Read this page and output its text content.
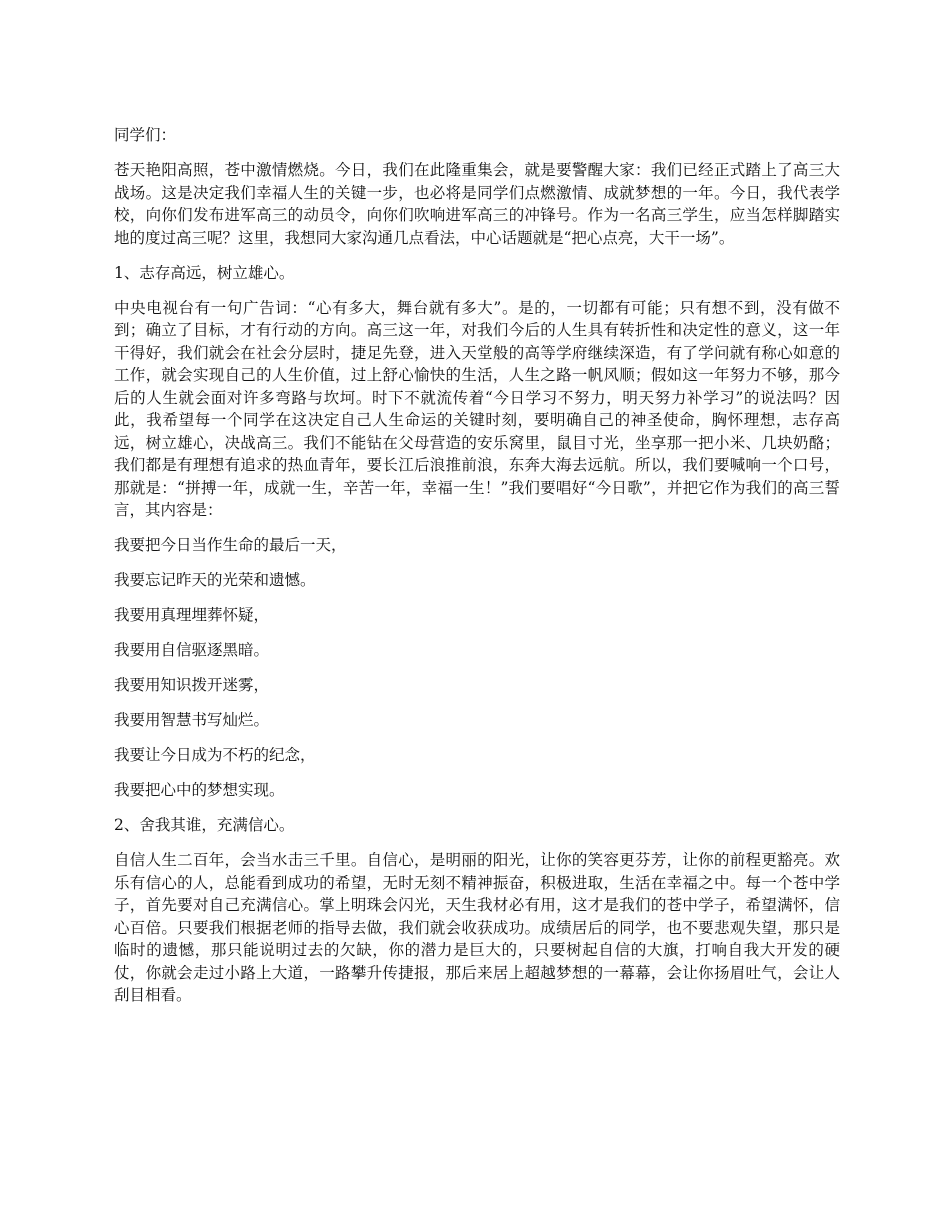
同学们：

苍天艳阳高照，苍中激情燃烧。今日，我们在此隆重集会，就是要警醒大家：我们已经正式踏上了高三大战场。这是决定我们幸福人生的关键一步，也必将是同学们点燃激情、成就梦想的一年。今日，我代表学校，向你们发布进军高三的动员令，向你们吹响进军高三的冲锋号。作为一名高三学生，应当怎样脚踏实地的度过高三呢？这里，我想同大家沟通几点看法，中心话题就是“把心点亮，大干一场”。

1、志存高远，树立雄心。

中央电视台有一句广告词：“心有多大，舞台就有多大”。是的，一切都有可能；只有想不到，没有做不到；确立了目标，才有行动的方向。高三这一年，对我们今后的人生具有转折性和决定性的意义，这一年干得好，我们就会在社会分层时，捷足先登，进入天堂般的高等学府继续深造，有了学问就有称心如意的工作，就会实现自己的人生价值，过上舒心愉快的生活，人生之路一帆风顺；假如这一年努力不够，那今后的人生就会面对许多弯路与坎坷。时下不就流传着“今日学习不努力，明天努力补学习”的说法吗？因此，我希望每一个同学在这决定自己人生命运的关键时刻，要明确自己的神圣使命，胸怀理想，志存高远，树立雄心，决战高三。我们不能钻在父母营造的安乐窝里，鼠目寸光，坐享那一把小米、几块奶酪；我们都是有理想有追求的热血青年，要长江后浪推前浪，东奔大海去远航。所以，我们要喊响一个口号，那就是：“拼搏一年，成就一生，辛苦一年，幸福一生！”我们要唱好“今日歌”，并把它作为我们的高三誓言，其内容是：

我要把今日当作生命的最后一天，

我要忘记昨天的光荣和遗憾。

我要用真理埋葬怀疑，

我要用自信驱逐黑暗。

我要用知识拨开迷雾，

我要用智慧书写灿烂。

我要让今日成为不朽的纪念，

我要把心中的梦想实现。

2、舍我其谁，充满信心。

自信人生二百年，会当水击三千里。自信心，是明丽的阳光，让你的笑容更芬芳，让你的前程更豁亮。欢乐有信心的人，总能看到成功的希望，无时无刻不精神振奋，积极进取，生活在幸福之中。每一个苍中学子，首先要对自己充满信心。掌上明珠会闪光，天生我材必有用，这才是我们的苍中学子，希望满怀，信心百倍。只要我们根据老师的指导去做，我们就会收获成功。成绩居后的同学，也不要悲观失望，那只是临时的遗憾，那只能说明过去的欠缺，你的潜力是巨大的，只要树起自信的大旗，打响自我大开发的硬仗，你就会走过小路上大道，一路攀升传捷报，那后来居上超越梦想的一幕幕，会让你扬眉吐气，会让人刮目相看。
